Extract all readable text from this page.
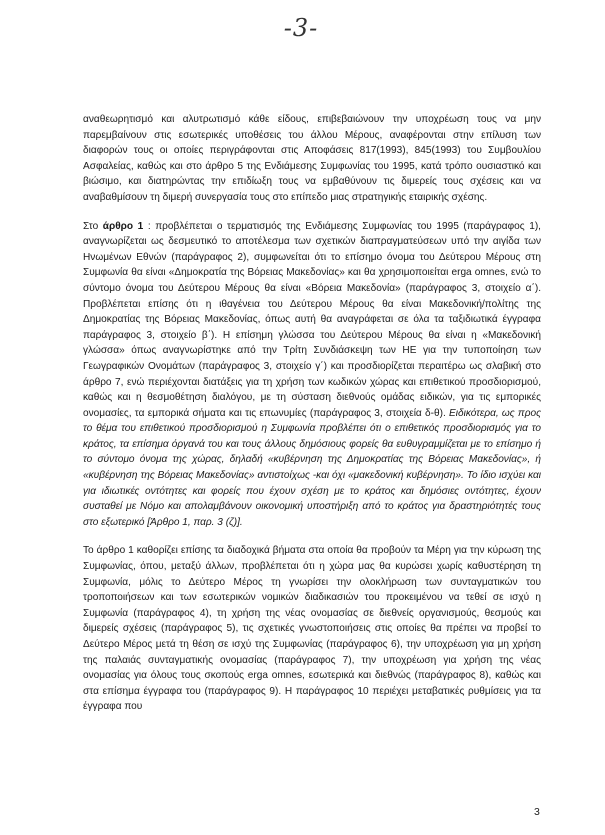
-3-

αναθεωρητισμό και αλυτρωτισμό κάθε είδους, επιβεβαιώνουν την υποχρέωση τους να μην παρεμβαίνουν στις εσωτερικές υποθέσεις του άλλου Μέρους, αναφέρονται στην επίλυση των διαφορών τους οι οποίες περιγράφονται στις Αποφάσεις 817(1993), 845(1993) του Συμβουλίου Ασφαλείας, καθώς και στο άρθρο 5 της Ενδιάμεσης Συμφωνίας του 1995, κατά τρόπο ουσιαστικό και βιώσιμο, και διατηρώντας την επιδίωξη τους να εμβαθύνουν τις διμερείς τους σχέσεις και να αναβαθμίσουν τη διμερή συνεργασία τους στο επίπεδο μιας στρατηγικής εταιρικής σχέσης.

Στο άρθρο 1 : προβλέπεται ο τερματισμός της Ενδιάμεσης Συμφωνίας του 1995 (παράγραφος 1), αναγνωρίζεται ως δεσμευτικό το αποτέλεσμα των σχετικών διαπραγματεύσεων υπό την αιγίδα των Ηνωμένων Εθνών (παράγραφος 2), συμφωνείται ότι το επίσημο όνομα του Δεύτερου Μέρους στη Συμφωνία θα είναι «Δημοκρατία της Βόρειας Μακεδονίας» και θα χρησιμοποιείται erga omnes, ενώ το σύντομο όνομα του Δεύτερου Μέρους θα είναι «Βόρεια Μακεδονία» (παράγραφος 3, στοιχείο α΄). Προβλέπεται επίσης ότι η ιθαγένεια του Δεύτερου Μέρους θα είναι Μακεδονική/πολίτης της Δημοκρατίας της Βόρειας Μακεδονίας, όπως αυτή θα αναγράφεται σε όλα τα ταξιδιωτικά έγγραφα παράγραφος 3, στοιχείο β΄). Η επίσημη γλώσσα του Δεύτερου Μέρους θα είναι η «Μακεδονική γλώσσα» όπως αναγνωρίστηκε από την Τρίτη Συνδιάσκεψη των ΗΕ για την τυποποίηση των Γεωγραφικών Ονομάτων (παράγραφος 3, στοιχείο γ΄) και προσδιορίζεται περαιτέρω ως σλαβική στο άρθρο 7, ενώ περιέχονται διατάξεις για τη χρήση των κωδικών χώρας και επιθετικού προσδιορισμού, καθώς και η θεσμοθέτηση διαλόγου, με τη σύσταση διεθνούς ομάδας ειδικών, για τις εμπορικές ονομασίες, τα εμπορικά σήματα και τις επωνυμίες (παράγραφος 3, στοιχεία δ-θ). Ειδικότερα, ως προς το θέμα του επιθετικού προσδιορισμού η Συμφωνία προβλέπει ότι ο επιθετικός προσδιορισμός για το κράτος, τα επίσημα όργανά του και τους άλλους δημόσιους φορείς θα ευθυγραμμίζεται με το επίσημο ή το σύντομο όνομα της χώρας, δηλαδή «κυβέρνηση της Δημοκρατίας της Βόρειας Μακεδονίας», ή «κυβέρνηση της Βόρειας Μακεδονίας» αντιστοίχως -και όχι «μακεδονική κυβέρνηση». Το ίδιο ισχύει και για ιδιωτικές οντότητες και φορείς που έχουν σχέση με το κράτος και δημόσιες οντότητες, έχουν συσταθεί με Νόμο και απολαμβάνουν οικονομική υποστήριξη από το κράτος για δραστηριότητές τους στο εξωτερικό [Άρθρο 1, παρ. 3 (ζ)].

Το άρθρο 1 καθορίζει επίσης τα διαδοχικά βήματα στα οποία θα προβούν τα Μέρη για την κύρωση της Συμφωνίας, όπου, μεταξύ άλλων, προβλέπεται ότι η χώρα μας θα κυρώσει χωρίς καθυστέρηση τη Συμφωνία, μόλις το Δεύτερο Μέρος τη γνωρίσει την ολοκλήρωση των συνταγματικών του τροποποιήσεων και των εσωτερικών νομικών διαδικασιών του προκειμένου να τεθεί σε ισχύ η Συμφωνία (παράγραφος 4), τη χρήση της νέας ονομασίας σε διεθνείς οργανισμούς, θεσμούς και διμερείς σχέσεις (παράγραφος 5), τις σχετικές γνωστοποιήσεις στις οποίες θα πρέπει να προβεί το Δεύτερο Μέρος μετά τη θέση σε ισχύ της Συμφωνίας (παράγραφος 6), την υποχρέωση για μη χρήση της παλαιάς συνταγματικής ονομασίας (παράγραφος 7), την υποχρέωση για χρήση της νέας ονομασίας για όλους τους σκοπούς erga omnes, εσωτερικά και διεθνώς (παράγραφος 8), καθώς και στα επίσημα έγγραφα του (παράγραφος 9). Η παράγραφος 10 περιέχει μεταβατικές ρυθμίσεις για τα έγγραφα που

3
